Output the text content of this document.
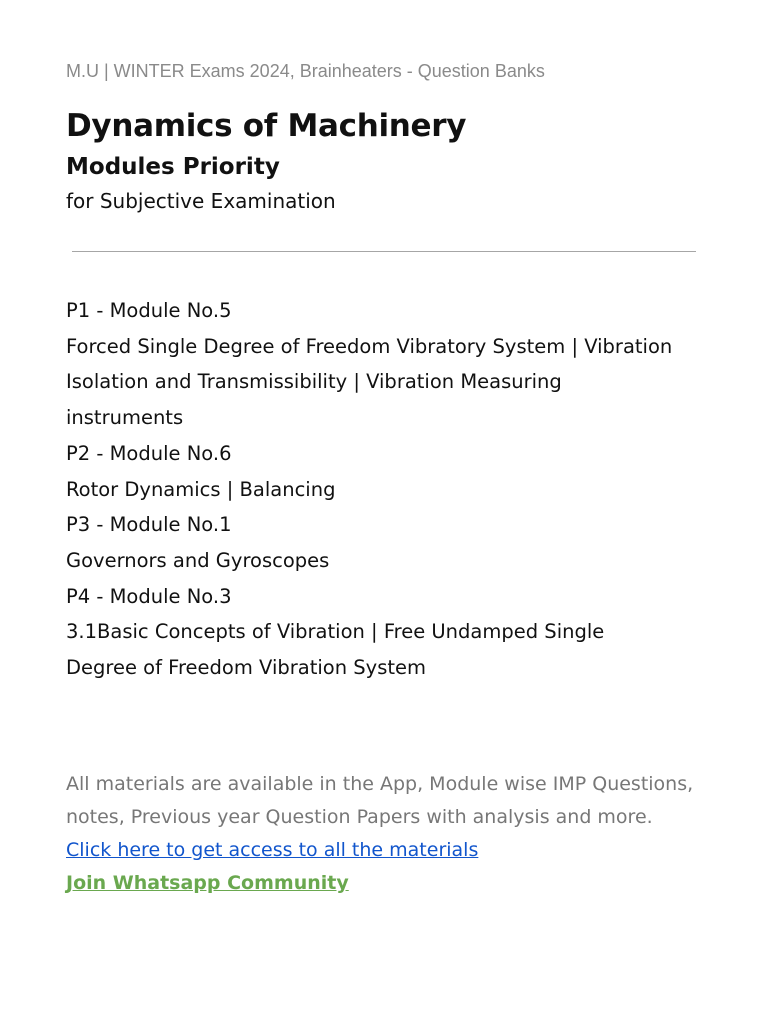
M.U | WINTER Exams 2024, Brainheaters - Question Banks
Dynamics of Machinery
Modules Priority
for Subjective Examination
P1 - Module No.5
Forced Single Degree of Freedom Vibratory System | Vibration Isolation and Transmissibility | Vibration Measuring instruments
P2 - Module No.6
Rotor Dynamics | Balancing
P3 - Module No.1
Governors and Gyroscopes
P4 - Module No.3
3.1Basic Concepts of Vibration | Free Undamped Single Degree of Freedom Vibration System
All materials are available in the App, Module wise IMP Questions, notes, Previous year Question Papers with analysis and more.
Click here to get access to all the materials
Join Whatsapp Community
